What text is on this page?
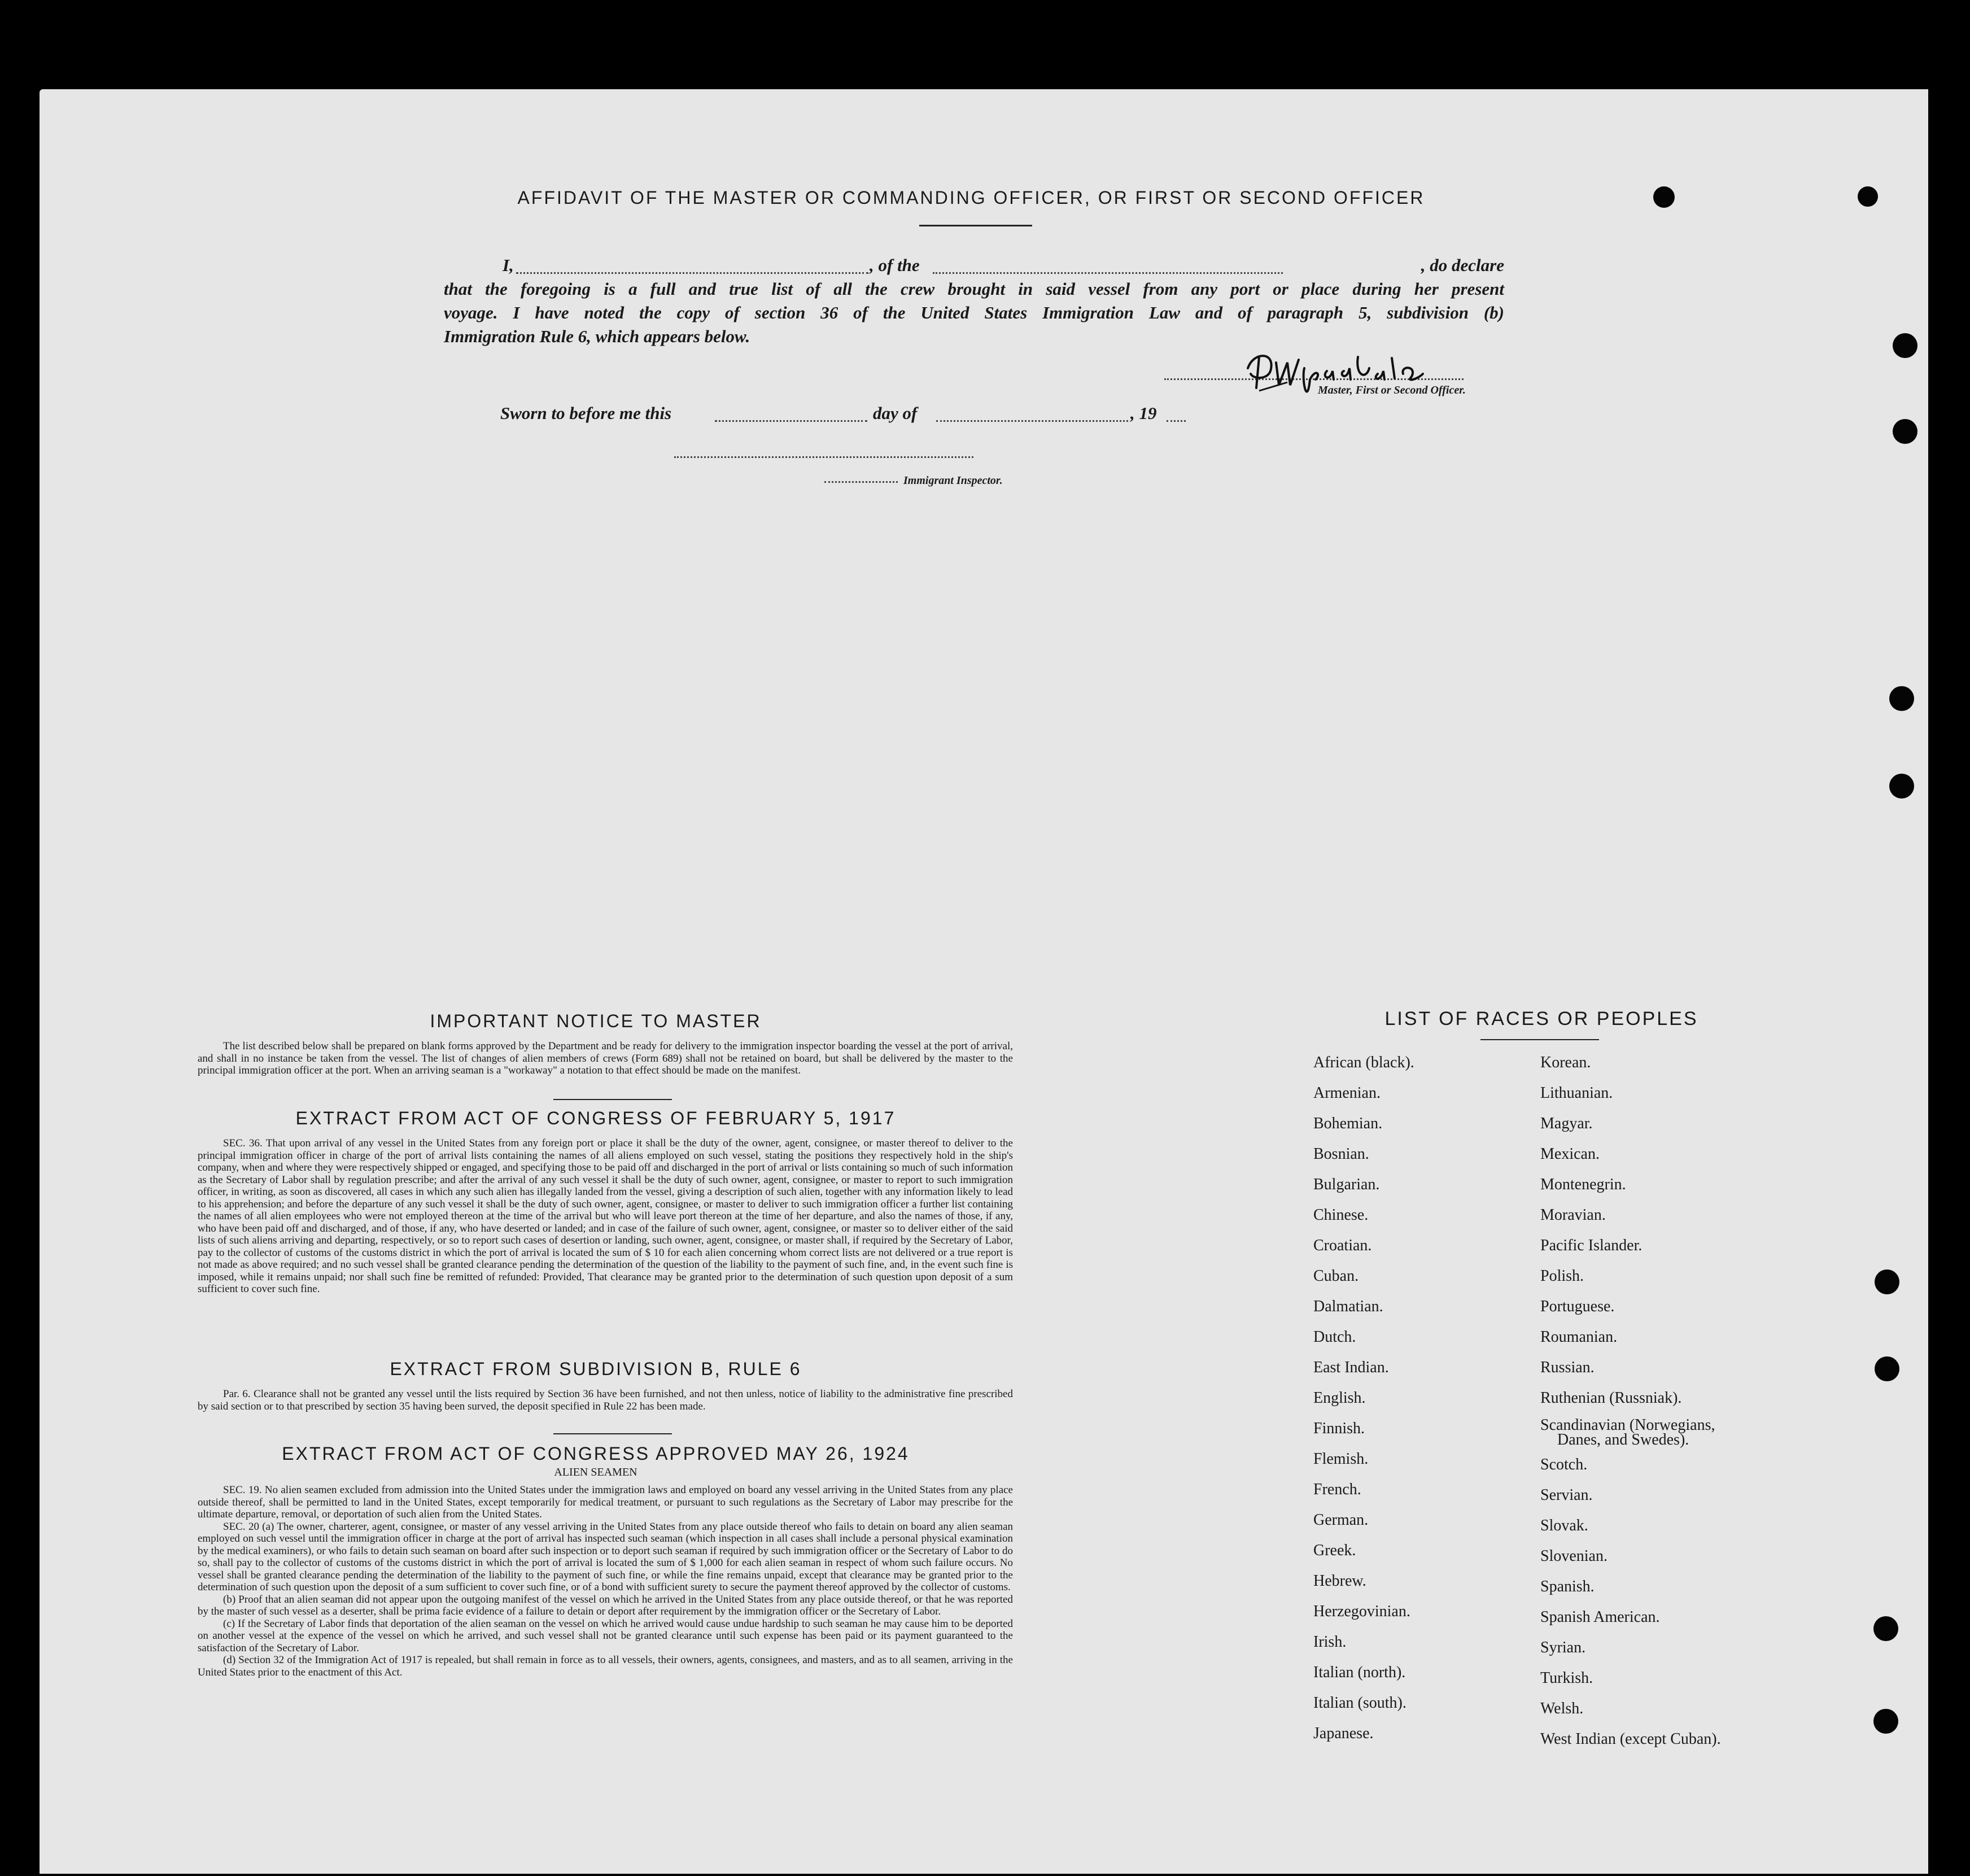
AFFIDAVIT OF THE MASTER OR COMMANDING OFFICER, OR FIRST OR SECOND OFFICER
I,	, of the	, do declare
that the foregoing is a full and true list of all the crew brought in said vessel from any port or place during her present
voyage. I have noted the copy of section 36 of the United States Immigration Law and of paragraph 5, subdivision (b)
Immigration Rule 6, which appears below.
Master, First or Second Officer.
Sworn to before me this	day of	, 19
Immigrant Inspector.
IMPORTANT NOTICE TO MASTER

The list described below shall be prepared on blank forms approved by the Department and be ready for delivery to the immigration inspector boarding the vessel at the port of arrival, and shall in no instance be taken from the vessel. The list of changes of alien members of crews (Form 689) shall not be retained on board, but shall be delivered by the master to the principal immigration officer at the port. When an arriving seaman is a "workaway" a notation to that effect should be made on the manifest.

EXTRACT FROM ACT OF CONGRESS OF FEBRUARY 5, 1917

SEC. 36. That upon arrival of any vessel in the United States from any foreign port or place it shall be the duty of the owner, agent, consignee, or master thereof to deliver to the principal immigration officer in charge of the port of arrival lists containing the names of all aliens employed on such vessel, stating the positions they respectively hold in the ship's company, when and where they were respectively shipped or engaged, and specifying those to be paid off and discharged in the port of arrival or lists containing so much of such information as the Secretary of Labor shall by regulation prescribe; and after the arrival of any such vessel it shall be the duty of such owner, agent, consignee, or master to report to such immigration officer, in writing, as soon as discovered, all cases in which any such alien has illegally landed from the vessel, giving a description of such alien, together with any information likely to lead to his apprehension; and before the departure of any such vessel it shall be the duty of such owner, agent, consignee, or master to deliver to such immigration officer a further list containing the names of all alien employees who were not employed thereon at the time of the arrival but who will leave port thereon at the time of her departure, and also the names of those, if any, who have been paid off and discharged, and of those, if any, who have deserted or landed; and in case of the failure of such owner, agent, consignee, or master so to deliver either of the said lists of such aliens arriving and departing, respectively, or so to report such cases of desertion or landing, such owner, agent, consignee, or master shall, if required by the Secretary of Labor, pay to the collector of customs of the customs district in which the port of arrival is located the sum of $ 10 for each alien concerning whom correct lists are not delivered or a true report is not made as above required; and no such vessel shall be granted clearance pending the determination of the question of the liability to the payment of such fine, and, in the event such fine is imposed, while it remains unpaid; nor shall such fine be remitted of refunded: Provided, That clearance may be granted prior to the determination of such question upon deposit of a sum sufficient to cover such fine.

EXTRACT FROM SUBDIVISION B, RULE 6

Par. 6. Clearance shall not be granted any vessel until the lists required by Section 36 have been furnished, and not then unless, notice of liability to the administrative fine prescribed by said section or to that prescribed by section 35 having been surved, the deposit specified in Rule 22 has been made.

EXTRACT FROM ACT OF CONGRESS APPROVED MAY 26, 1924
ALIEN SEAMEN

SEC. 19. No alien seamen excluded from admission into the United States under the immigration laws and employed on board any vessel arriving in the United States from any place outside thereof, shall be permitted to land in the United States, except temporarily for medical treatment, or pursuant to such regulations as the Secretary of Labor may prescribe for the ultimate departure, removal, or deportation of such alien from the United States.

SEC. 20 (a) The owner, charterer, agent, consignee, or master of any vessel arriving in the United States from any place outside thereof who fails to detain on board any alien seaman employed on such vessel until the immigration officer in charge at the port of arrival has inspected such seaman (which inspection in all cases shall include a personal physical examination by the medical examiners), or who fails to detain such seaman on board after such inspection or to deport such seaman if required by such immigration officer or the Secretary of Labor to do so, shall pay to the collector of customs of the customs district in which the port of arrival is located the sum of $ 1,000 for each alien seaman in respect of whom such failure occurs. No vessel shall be granted clearance pending the determination of the liability to the payment of such fine, or while the fine remains unpaid, except that clearance may be granted prior to the determination of such question upon the deposit of a sum sufficient to cover such fine, or of a bond with sufficient surety to secure the payment thereof approved by the collector of customs.

(b) Proof that an alien seaman did not appear upon the outgoing manifest of the vessel on which he arrived in the United States from any place outside thereof, or that he was reported by the master of such vessel as a deserter, shall be prima facie evidence of a failure to detain or deport after requirement by the immigration officer or the Secretary of Labor.

(c) If the Secretary of Labor finds that deportation of the alien seaman on the vessel on which he arrived would cause undue hardship to such seaman he may cause him to be deported on another vessel at the expence of the vessel on which he arrived, and such vessel shall not be granted clearance until such expense has been paid or its payment guaranteed to the satisfaction of the Secretary of Labor.

(d) Section 32 of the Immigration Act of 1917 is repealed, but shall remain in force as to all vessels, their owners, agents, consignees, and masters, and as to all seamen, arriving in the United States prior to the enactment of this Act.

LIST OF RACES OR PEOPLES
African (black).
Armenian.
Bohemian.
Bosnian.
Bulgarian.
Chinese.
Croatian.
Cuban.
Dalmatian.
Dutch.
East Indian.
English.
Finnish.
Flemish.
French.
German.
Greek.
Hebrew.
Herzegovinian.
Irish.
Italian (north).
Italian (south).
Japanese.
Korean.
Lithuanian.
Magyar.
Mexican.
Montenegrin.
Moravian.
Pacific Islander.
Polish.
Portuguese.
Roumanian.
Russian.
Ruthenian (Russniak).
Scandinavian (Norwegians,
Danes, and Swedes).
Scotch.
Servian.
Slovak.
Slovenian.
Spanish.
Spanish American.
Syrian.
Turkish.
Welsh.
West Indian (except Cuban).
